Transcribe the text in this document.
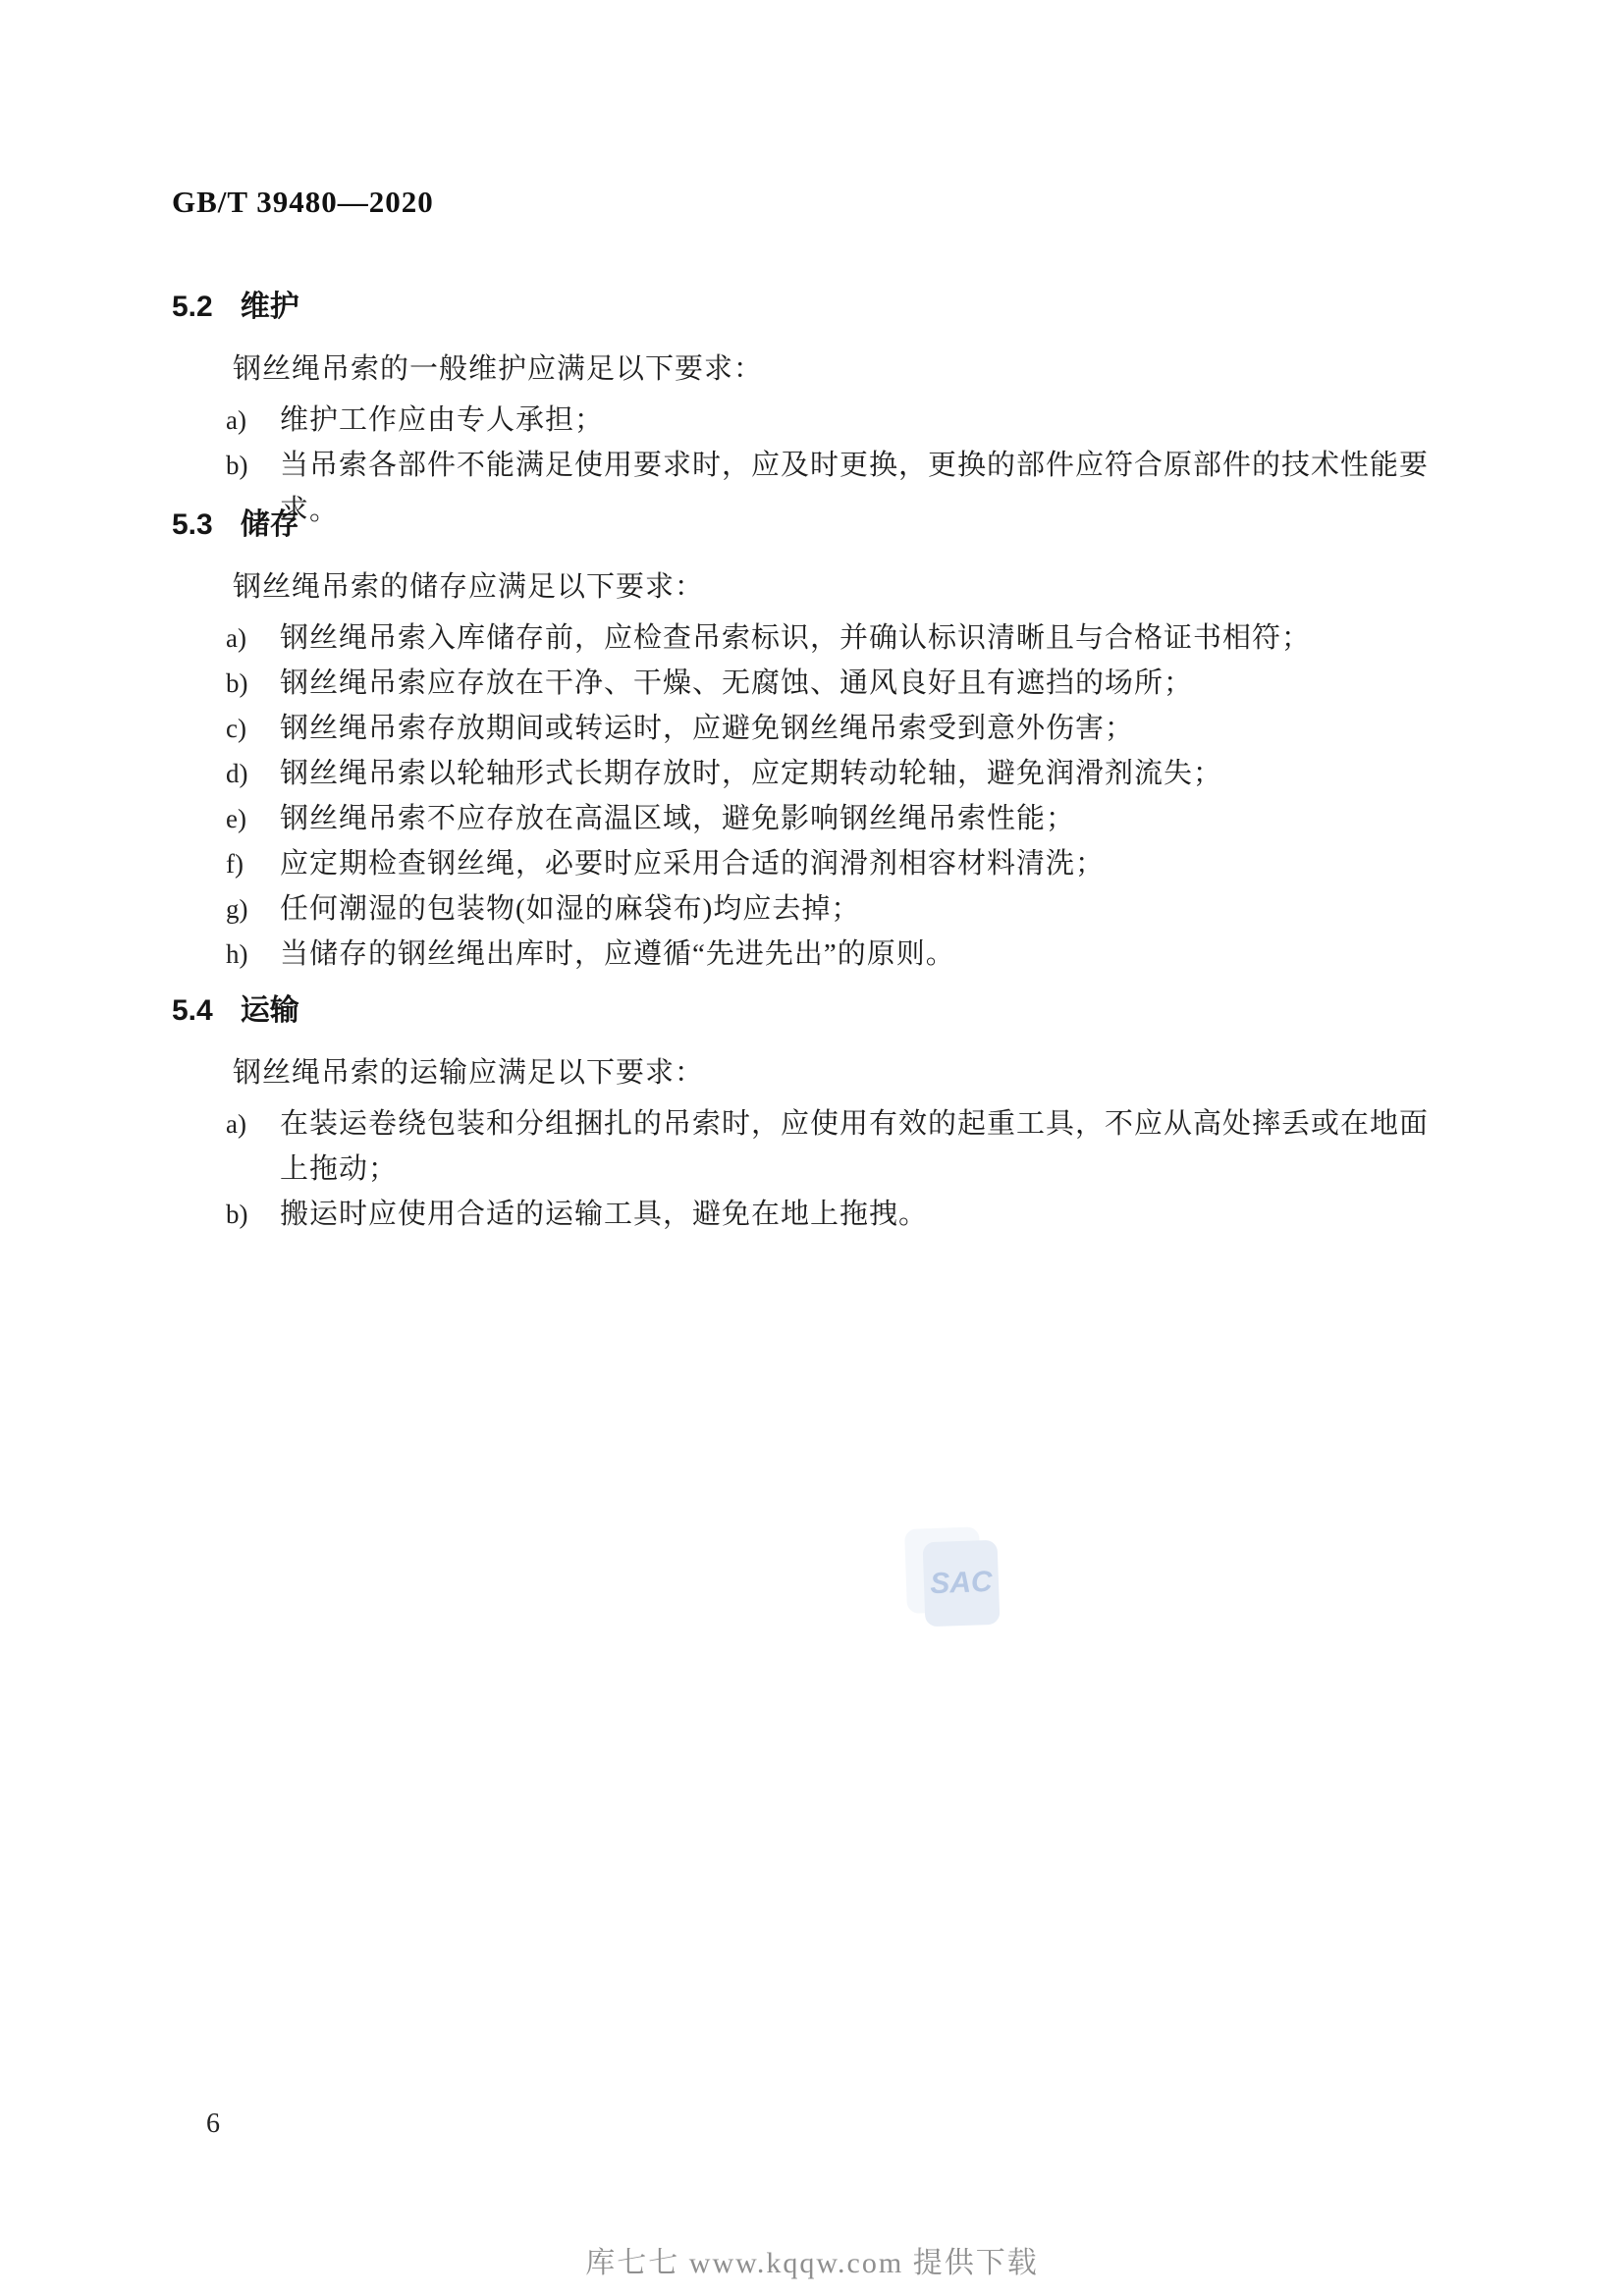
GB/T 39480—2020
5.2 维护
钢丝绳吊索的一般维护应满足以下要求：
a)	维护工作应由专人承担；
b)	当吊索各部件不能满足使用要求时，应及时更换，更换的部件应符合原部件的技术性能要求。
5.3 储存
钢丝绳吊索的储存应满足以下要求：
a)	钢丝绳吊索入库储存前，应检查吊索标识，并确认标识清晰且与合格证书相符；
b)	钢丝绳吊索应存放在干净、干燥、无腐蚀、通风良好且有遮挡的场所；
c)	钢丝绳吊索存放期间或转运时，应避免钢丝绳吊索受到意外伤害；
d)	钢丝绳吊索以轮轴形式长期存放时，应定期转动轮轴，避免润滑剂流失；
e)	钢丝绳吊索不应存放在高温区域，避免影响钢丝绳吊索性能；
f)	应定期检查钢丝绳，必要时应采用合适的润滑剂相容材料清洗；
g)	任何潮湿的包装物(如湿的麻袋布)均应去掉；
h)	当储存的钢丝绳出库时，应遵循“先进先出”的原则。
5.4 运输
钢丝绳吊索的运输应满足以下要求：
a)	在装运卷绕包装和分组捆扎的吊索时，应使用有效的起重工具，不应从高处摔丢或在地面上拖动；
b)	搬运时应使用合适的运输工具，避免在地上拖拽。
SAC
6
库七七 www.kqqw.com 提供下载
